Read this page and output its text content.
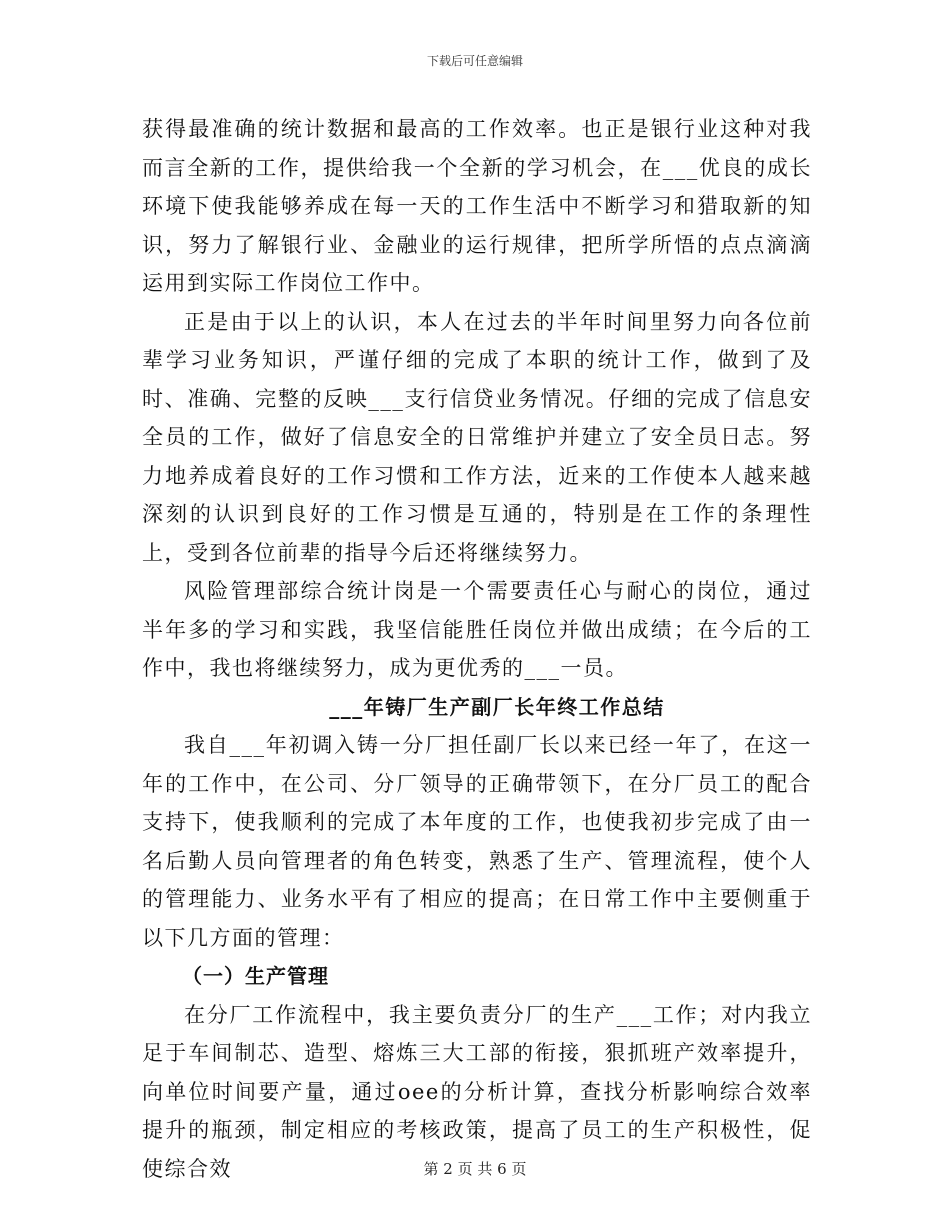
下载后可任意编辑

获得最准确的统计数据和最高的工作效率。也正是银行业这种对我而言全新的工作，提供给我一个全新的学习机会，在___优良的成长环境下使我能够养成在每一天的工作生活中不断学习和猎取新的知识，努力了解银行业、金融业的运行规律，把所学所悟的点点滴滴运用到实际工作岗位工作中。

正是由于以上的认识，本人在过去的半年时间里努力向各位前辈学习业务知识，严谨仔细的完成了本职的统计工作，做到了及时、准确、完整的反映___支行信贷业务情况。仔细的完成了信息安全员的工作，做好了信息安全的日常维护并建立了安全员日志。努力地养成着良好的工作习惯和工作方法，近来的工作使本人越来越深刻的认识到良好的工作习惯是互通的，特别是在工作的条理性上，受到各位前辈的指导今后还将继续努力。

风险管理部综合统计岗是一个需要责任心与耐心的岗位，通过半年多的学习和实践，我坚信能胜任岗位并做出成绩；在今后的工作中，我也将继续努力，成为更优秀的___一员。

___年铸厂生产副厂长年终工作总结

我自___年初调入铸一分厂担任副厂长以来已经一年了，在这一年的工作中，在公司、分厂领导的正确带领下，在分厂员工的配合支持下，使我顺利的完成了本年度的工作，也使我初步完成了由一名后勤人员向管理者的角色转变，熟悉了生产、管理流程，使个人的管理能力、业务水平有了相应的提高；在日常工作中主要侧重于以下几方面的管理：

（一）生产管理

在分厂工作流程中，我主要负责分厂的生产___工作；对内我立足于车间制芯、造型、熔炼三大工部的衔接，狠抓班产效率提升，向单位时间要产量，通过oee的分析计算，查找分析影响综合效率提升的瓶颈，制定相应的考核政策，提高了员工的生产积极性，促使综合效	第 2 页 共 6 页
